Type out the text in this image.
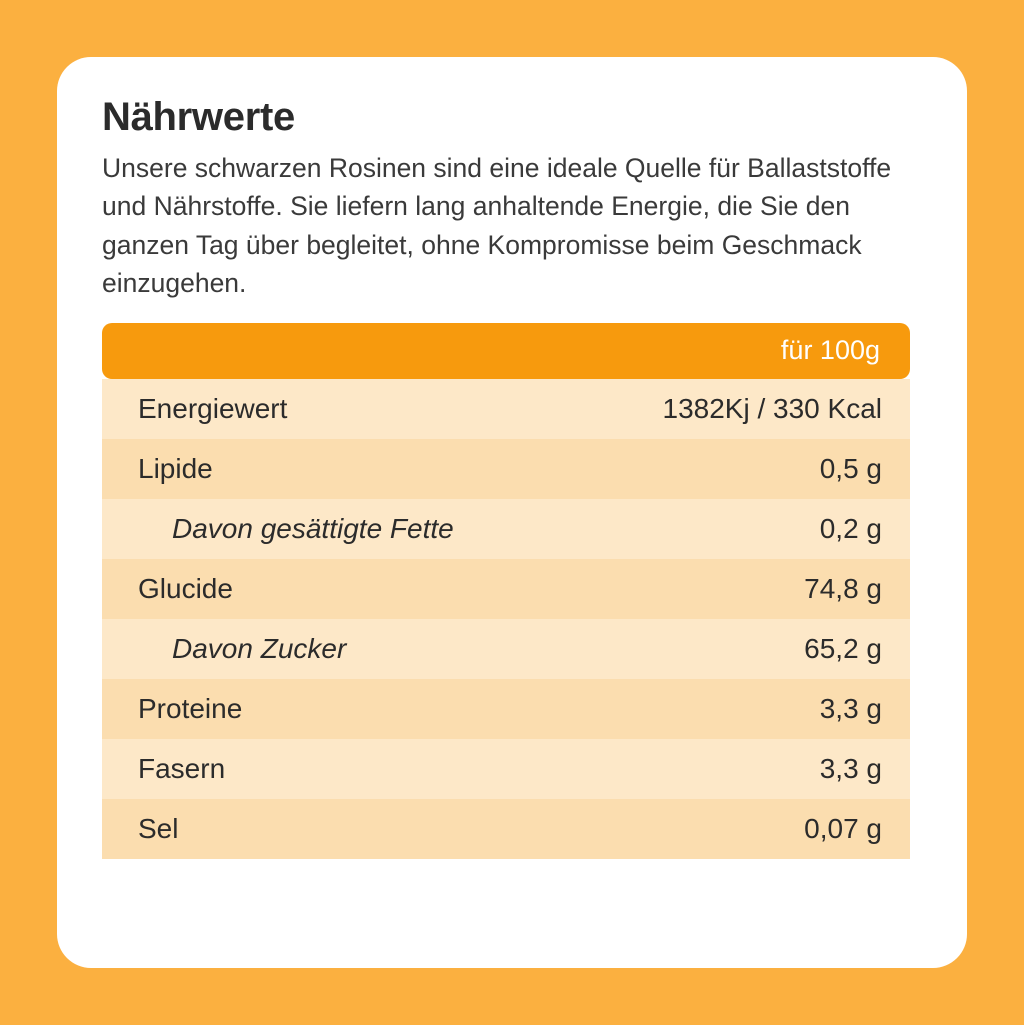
Nährwerte

Unsere schwarzen Rosinen sind eine ideale Quelle für Ballaststoffe und Nährstoffe. Sie liefern lang anhaltende Energie, die Sie den ganzen Tag über begleitet, ohne Kompromisse beim Geschmack einzugehen.

	für 100g
Energiewert	1382Kj / 330 Kcal
Lipide	0,5 g
Davon gesättigte Fette	0,2 g
Glucide	74,8 g
Davon Zucker	65,2 g
Proteine	3,3 g
Fasern	3,3 g
Sel	0,07 g
